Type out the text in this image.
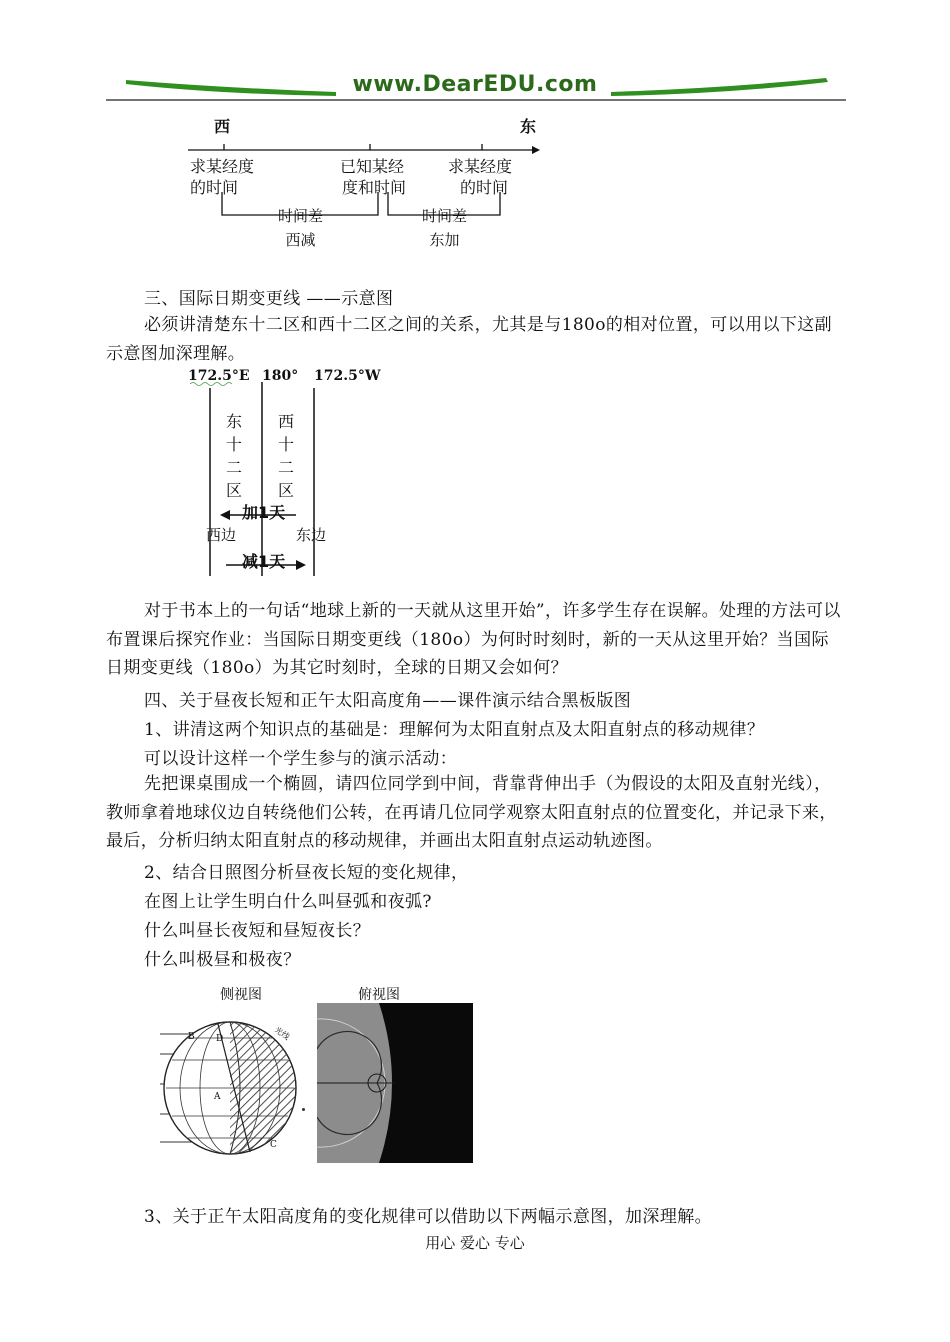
www.DearEDU.com
西	东
求某经度
的时间
已知某经
度和时间
求某经度
的时间
时间差
西减
时间差
东加
三、国际日期变更线 ——示意图
必须讲清楚东十二区和西十二区之间的关系，尤其是与180o的相对位置，可以用以下这副示意图加深理解。
172.5°E 180° 172.5°W
东
十
二
区
西
十
二
区
加1天
西边	东边
减1天
对于书本上的一句话“地球上新的一天就从这里开始”，许多学生存在误解。处理的方法可以布置课后探究作业：当国际日期变更线（180o）为何时时刻时，新的一天从这里开始？当国际日期变更线（180o）为其它时刻时，全球的日期又会如何？
四、关于昼夜长短和正午太阳高度角——课件演示结合黑板版图
1、讲清这两个知识点的基础是：理解何为太阳直射点及太阳直射点的移动规律？
可以设计这样一个学生参与的演示活动：
先把课桌围成一个椭圆，请四位同学到中间，背靠背伸出手（为假设的太阳及直射光线），教师拿着地球仪边自转绕他们公转，在再请几位同学观察太阳直射点的位置变化，并记录下来，最后，分析归纳太阳直射点的移动规律，并画出太阳直射点运动轨迹图。
2、结合日照图分析昼夜长短的变化规律，
在图上让学生明白什么叫昼弧和夜弧?
什么叫昼长夜短和昼短夜长？
什么叫极昼和极夜？
侧视图	俯视图
B D
A
C
光线
3、关于正午太阳高度角的变化规律可以借助以下两幅示意图，加深理解。
用心 爱心 专心
